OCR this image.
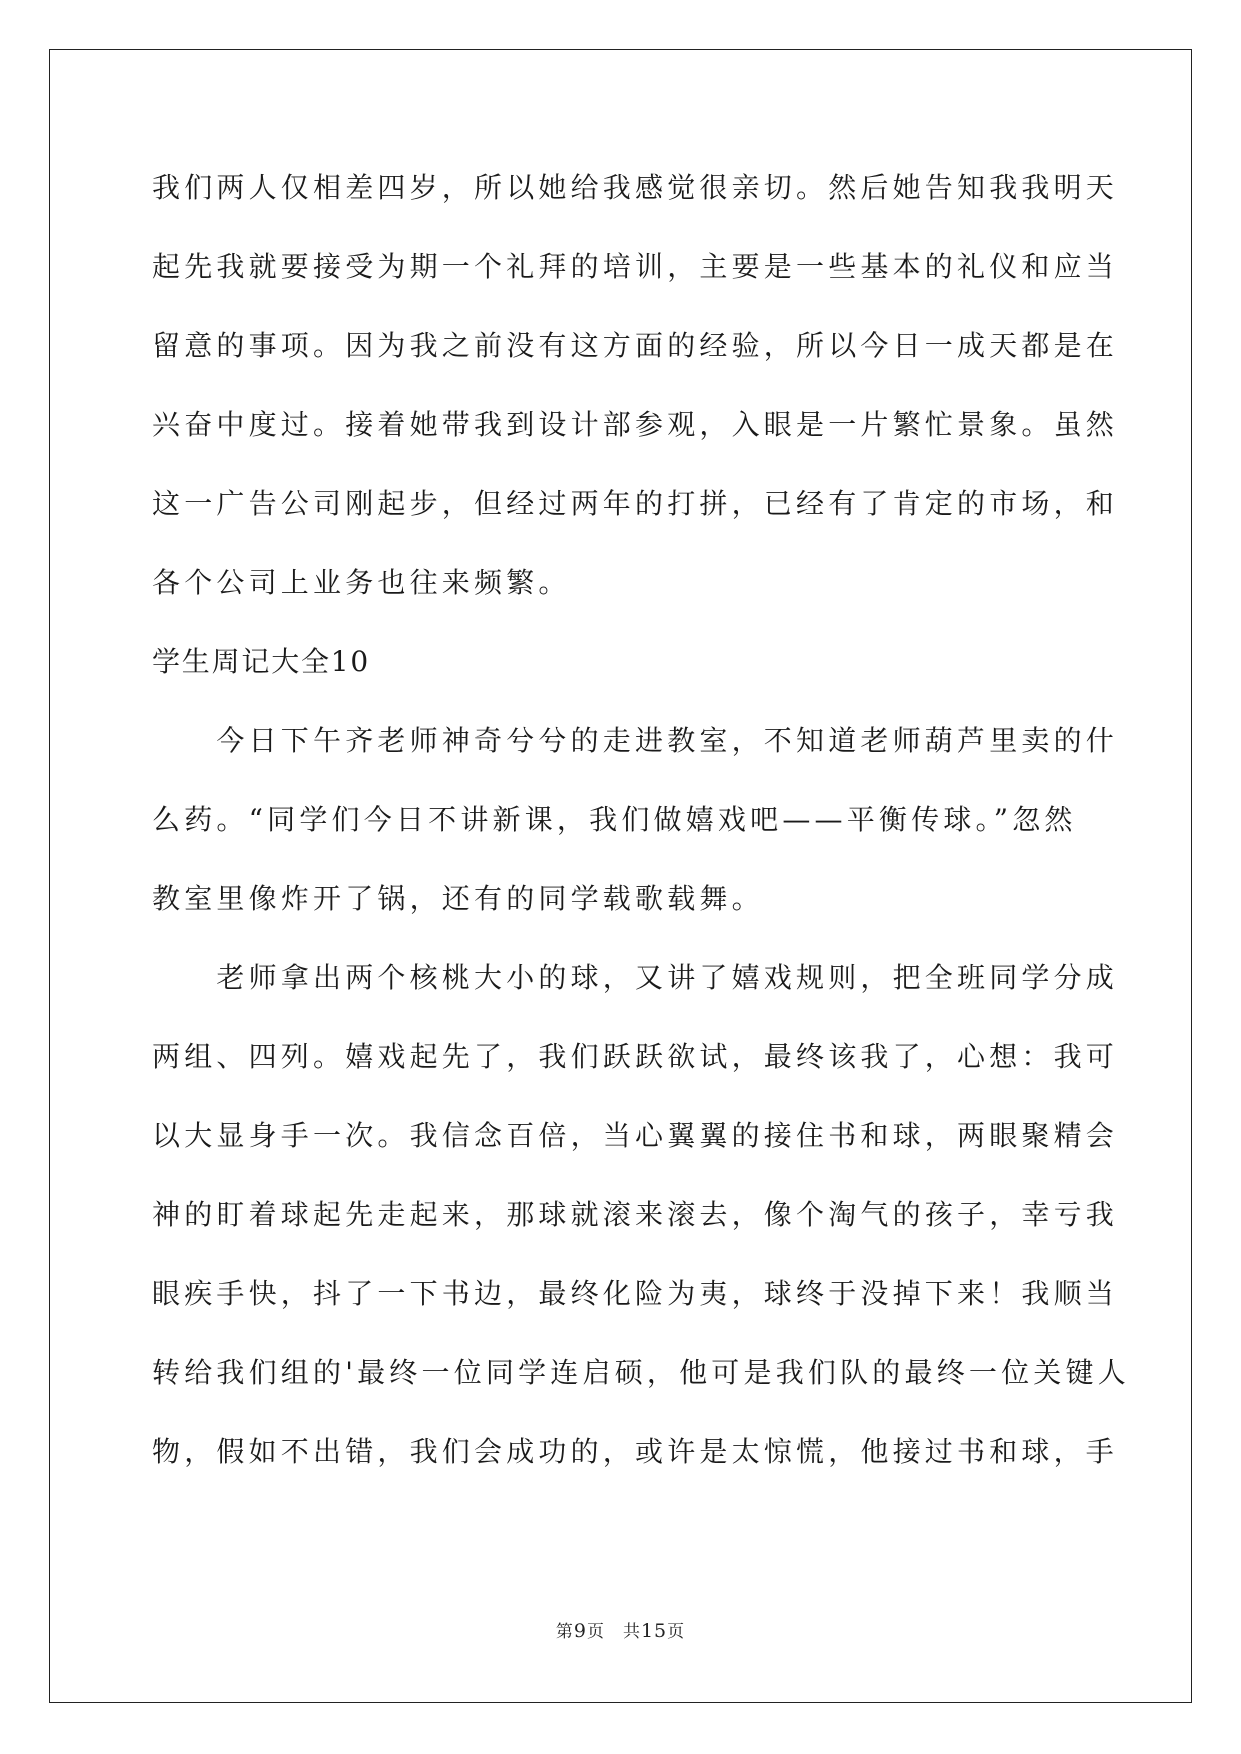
我们两人仅相差四岁，所以她给我感觉很亲切。然后她告知我我明天
起先我就要接受为期一个礼拜的培训，主要是一些基本的礼仪和应当
留意的事项。因为我之前没有这方面的经验，所以今日一成天都是在
兴奋中度过。接着她带我到设计部参观，入眼是一片繁忙景象。虽然
这一广告公司刚起步，但经过两年的打拼，已经有了肯定的市场，和
各个公司上业务也往来频繁。
学生周记大全10
　　今日下午齐老师神奇兮兮的走进教室，不知道老师葫芦里卖的什
么药。“同学们今日不讲新课，我们做嬉戏吧——平衡传球。”忽然
教室里像炸开了锅，还有的同学载歌载舞。
　　老师拿出两个核桃大小的球，又讲了嬉戏规则，把全班同学分成
两组、四列。嬉戏起先了，我们跃跃欲试，最终该我了，心想：我可
以大显身手一次。我信念百倍，当心翼翼的接住书和球，两眼聚精会
神的盯着球起先走起来，那球就滚来滚去，像个淘气的孩子，幸亏我
眼疾手快，抖了一下书边，最终化险为夷，球终于没掉下来！我顺当
转给我们组的'最终一位同学连启硕，他可是我们队的最终一位关键人
物，假如不出错，我们会成功的，或许是太惊慌，他接过书和球，手
第9页　共15页
